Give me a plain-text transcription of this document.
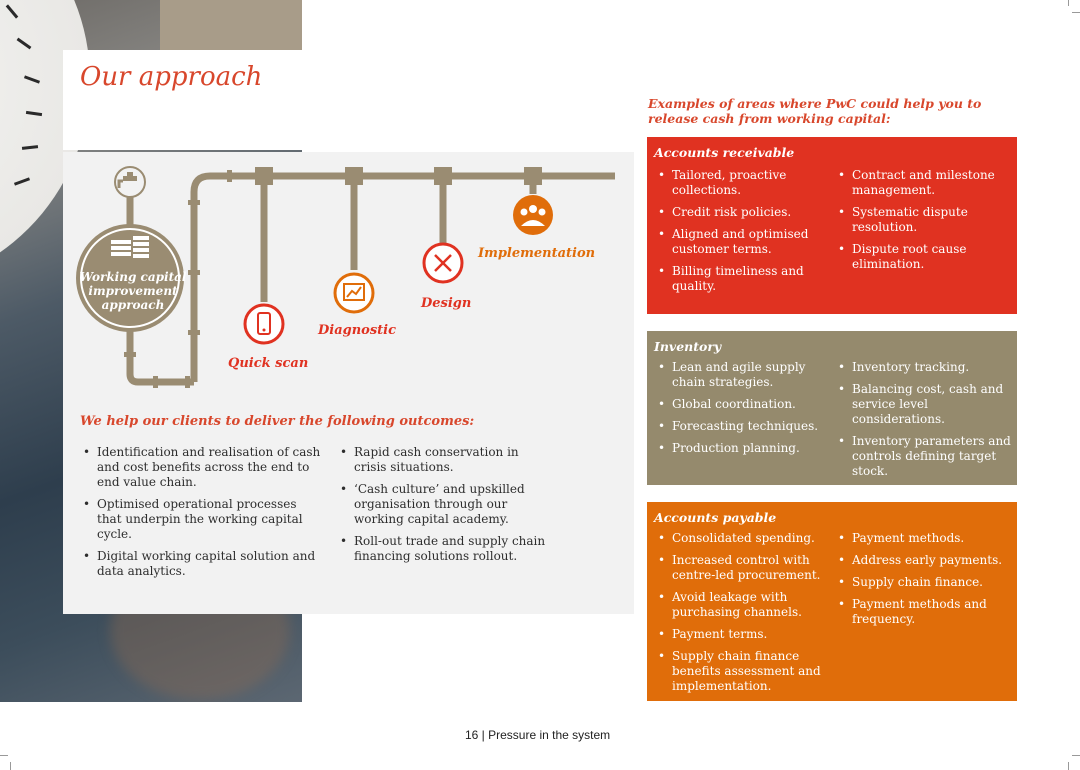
Our approach
Working capital improvement approach
Quick scan
Diagnostic
Design
Implementation
We help our clients to deliver the following outcomes:
• Identification and realisation of cash and cost benefits across the end to end value chain.
• Optimised operational processes that underpin the working capital cycle.
• Digital working capital solution and data analytics.
• Rapid cash conservation in crisis situations.
• ‘Cash culture’ and upskilled organisation through our working capital academy.
• Roll-out trade and supply chain financing solutions rollout.
Examples of areas where PwC could help you to release cash from working capital:
Accounts receivable
• Tailored, proactive collections.
• Credit risk policies.
• Aligned and optimised customer terms.
• Billing timeliness and quality.
• Contract and milestone management.
• Systematic dispute resolution.
• Dispute root cause elimination.
Inventory
• Lean and agile supply chain strategies.
• Global coordination.
• Forecasting techniques.
• Production planning.
• Inventory tracking.
• Balancing cost, cash and service level considerations.
• Inventory parameters and controls defining target stock.
Accounts payable
• Consolidated spending.
• Increased control with centre-led procurement.
• Avoid leakage with purchasing channels.
• Payment terms.
• Supply chain finance benefits assessment and implementation.
• Payment methods.
• Address early payments.
• Supply chain finance.
• Payment methods and frequency.
16 | Pressure in the system
